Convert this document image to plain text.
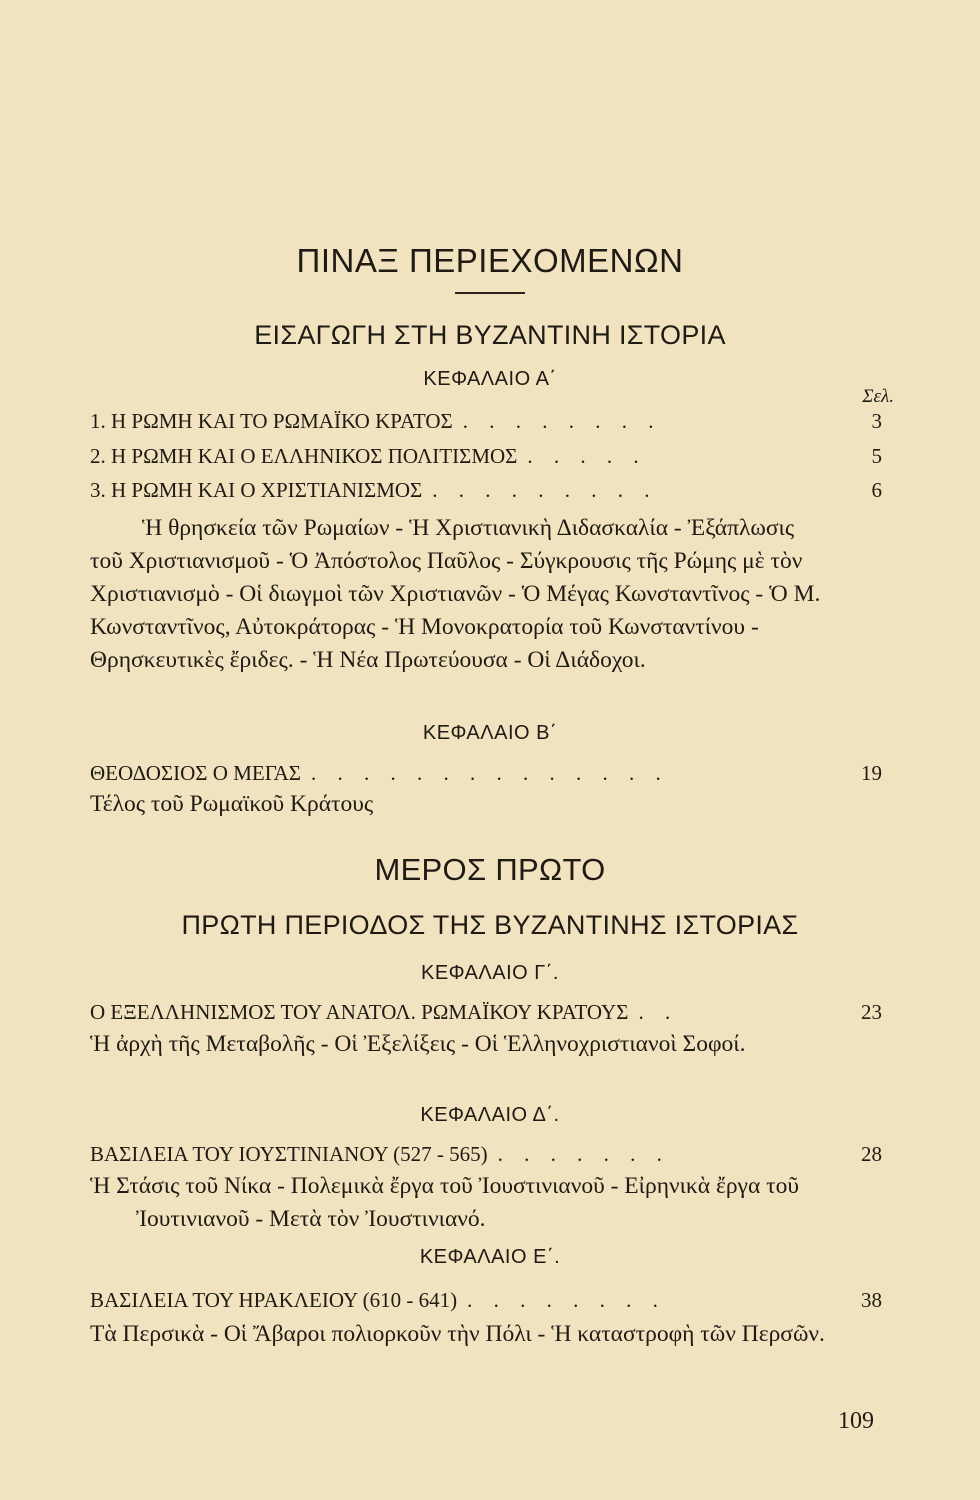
ΠΙΝΑΞ ΠΕΡΙΕΧΟΜΕΝΩΝ
ΕΙΣΑΓΩΓΗ ΣΤΗ ΒΥΖΑΝΤΙΝΗ ΙΣΤΟΡΙΑ
ΚΕΦΑΛΑΙΟ Α΄
Σελ.
1. Η ΡΩΜΗ ΚΑΙ ΤΟ ΡΩΜΑΪΚΟ ΚΡΑΤΟΣ . . . . . . . .	3
2. Η ΡΩΜΗ ΚΑΙ Ο ΕΛΛΗΝΙΚΟΣ ΠΟΛΙΤΙΣΜΟΣ . . . . .	5
3. Η ΡΩΜΗ ΚΑΙ Ο ΧΡΙΣΤΙΑΝΙΣΜΟΣ . . . . . . . . .	6
Ἡ θρησκεία τῶν Ρωμαίων - Ἡ Χριστιανικὴ Διδασκαλία - Ἐξάπλωσις τοῦ Χριστιανισμοῦ - Ὁ Ἀπόστολος Παῦλος - Σύγκρουσις τῆς Ρώμης μὲ τὸν Χριστιανισμὸ - Οἱ διωγμοὶ τῶν Χριστιανῶν - Ὁ Μέγας Κωνσταντῖνος - Ὁ Μ. Κωνσταντῖνος, Αὐτοκράτορας - Ἡ Μονοκρατορία τοῦ Κωνσταντίνου - Θρησκευτικὲς ἔριδες. - Ἡ Νέα Πρωτεύουσα - Οἱ Διάδοχοι.
ΚΕΦΑΛΑΙΟ Β΄
ΘΕΟΔΟΣΙΟΣ Ο ΜΕΓΑΣ . . . . . . . . . . . . . .	19
Τέλος τοῦ Ρωμαϊκοῦ Κράτους
ΜΕΡΟΣ ΠΡΩΤΟ
ΠΡΩΤΗ ΠΕΡΙΟΔΟΣ ΤΗΣ ΒΥΖΑΝΤΙΝΗΣ ΙΣΤΟΡΙΑΣ
ΚΕΦΑΛΑΙΟ Γ΄.
Ο ΕΞΕΛΛΗΝΙΣΜΟΣ ΤΟΥ ΑΝΑΤΟΛ. ΡΩΜΑΪΚΟΥ ΚΡΑΤΟΥΣ . .	23
Ἡ ἀρχὴ τῆς Μεταβολῆς - Οἱ Ἐξελίξεις - Οἱ Ἑλληνοχριστιανοὶ Σοφοί.
ΚΕΦΑΛΑΙΟ Δ΄.
ΒΑΣΙΛΕΙΑ ΤΟΥ ΙΟΥΣΤΙΝΙΑΝΟΥ (527 - 565) . . . . . . .	28
Ἡ Στάσις τοῦ Νίκα - Πολεμικὰ ἔργα τοῦ Ἰουστινιανοῦ - Εἰρηνικὰ ἔργα τοῦ Ἰουτινιανοῦ - Μετὰ τὸν Ἰουστινιανό.
ΚΕΦΑΛΑΙΟ Ε΄.
ΒΑΣΙΛΕΙΑ ΤΟΥ ΗΡΑΚΛΕΙΟΥ (610 - 641) . . . . . . . .	38
Τὰ Περσικὰ - Οἱ Ἄβαροι πολιορκοῦν τὴν Πόλι - Ἡ καταστροφὴ τῶν Περσῶν.
109
